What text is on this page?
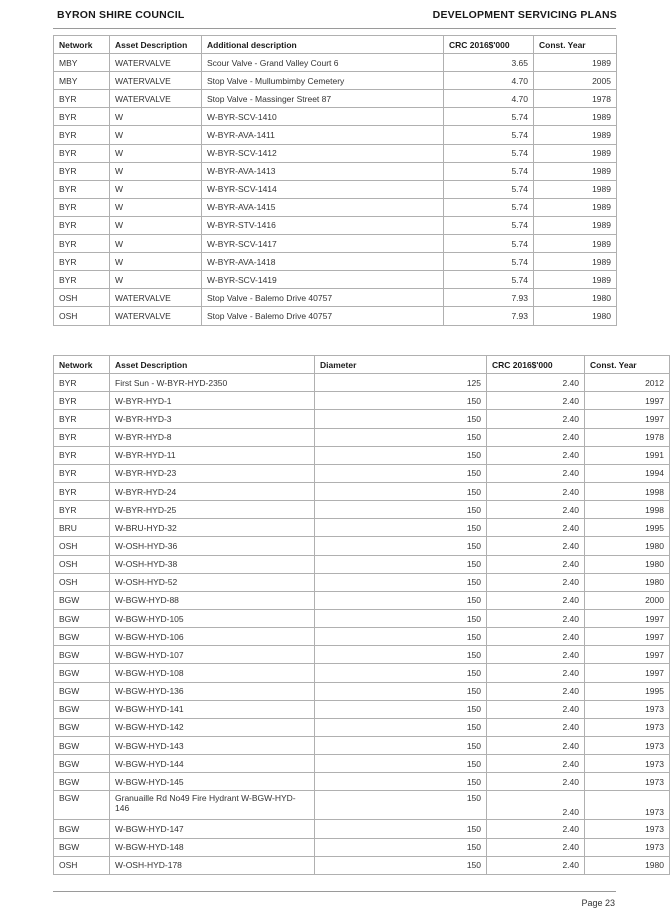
BYRON SHIRE COUNCIL	DEVELOPMENT SERVICING PLANS
Network	Asset Description	Additional description	CRC 2016$'000	Const. Year
MBY	WATERVALVE	Scour Valve - Grand Valley Court 6	3.65	1989
MBY	WATERVALVE	Stop Valve - Mullumbimby Cemetery	4.70	2005
BYR	WATERVALVE	Stop Valve - Massinger Street 87	4.70	1978
BYR	W	W-BYR-SCV-1410	5.74	1989
BYR	W	W-BYR-AVA-1411	5.74	1989
BYR	W	W-BYR-SCV-1412	5.74	1989
BYR	W	W-BYR-AVA-1413	5.74	1989
BYR	W	W-BYR-SCV-1414	5.74	1989
BYR	W	W-BYR-AVA-1415	5.74	1989
BYR	W	W-BYR-STV-1416	5.74	1989
BYR	W	W-BYR-SCV-1417	5.74	1989
BYR	W	W-BYR-AVA-1418	5.74	1989
BYR	W	W-BYR-SCV-1419	5.74	1989
OSH	WATERVALVE	Stop Valve - Balemo Drive 40757	7.93	1980
OSH	WATERVALVE	Stop Valve - Balemo Drive 40757	7.93	1980
Network	Asset Description	Diameter	CRC 2016$'000	Const. Year
BYR	First Sun - W-BYR-HYD-2350	125	2.40	2012
BYR	W-BYR-HYD-1	150	2.40	1997
BYR	W-BYR-HYD-3	150	2.40	1997
BYR	W-BYR-HYD-8	150	2.40	1978
BYR	W-BYR-HYD-11	150	2.40	1991
BYR	W-BYR-HYD-23	150	2.40	1994
BYR	W-BYR-HYD-24	150	2.40	1998
BYR	W-BYR-HYD-25	150	2.40	1998
BRU	W-BRU-HYD-32	150	2.40	1995
OSH	W-OSH-HYD-36	150	2.40	1980
OSH	W-OSH-HYD-38	150	2.40	1980
OSH	W-OSH-HYD-52	150	2.40	1980
BGW	W-BGW-HYD-88	150	2.40	2000
BGW	W-BGW-HYD-105	150	2.40	1997
BGW	W-BGW-HYD-106	150	2.40	1997
BGW	W-BGW-HYD-107	150	2.40	1997
BGW	W-BGW-HYD-108	150	2.40	1997
BGW	W-BGW-HYD-136	150	2.40	1995
BGW	W-BGW-HYD-141	150	2.40	1973
BGW	W-BGW-HYD-142	150	2.40	1973
BGW	W-BGW-HYD-143	150	2.40	1973
BGW	W-BGW-HYD-144	150	2.40	1973
BGW	W-BGW-HYD-145	150	2.40	1973
BGW	Granuaille Rd No49 Fire Hydrant W-BGW-HYD-146	150	2.40	1973
BGW	W-BGW-HYD-147	150	2.40	1973
BGW	W-BGW-HYD-148	150	2.40	1973
OSH	W-OSH-HYD-178	150	2.40	1980
Page 23
